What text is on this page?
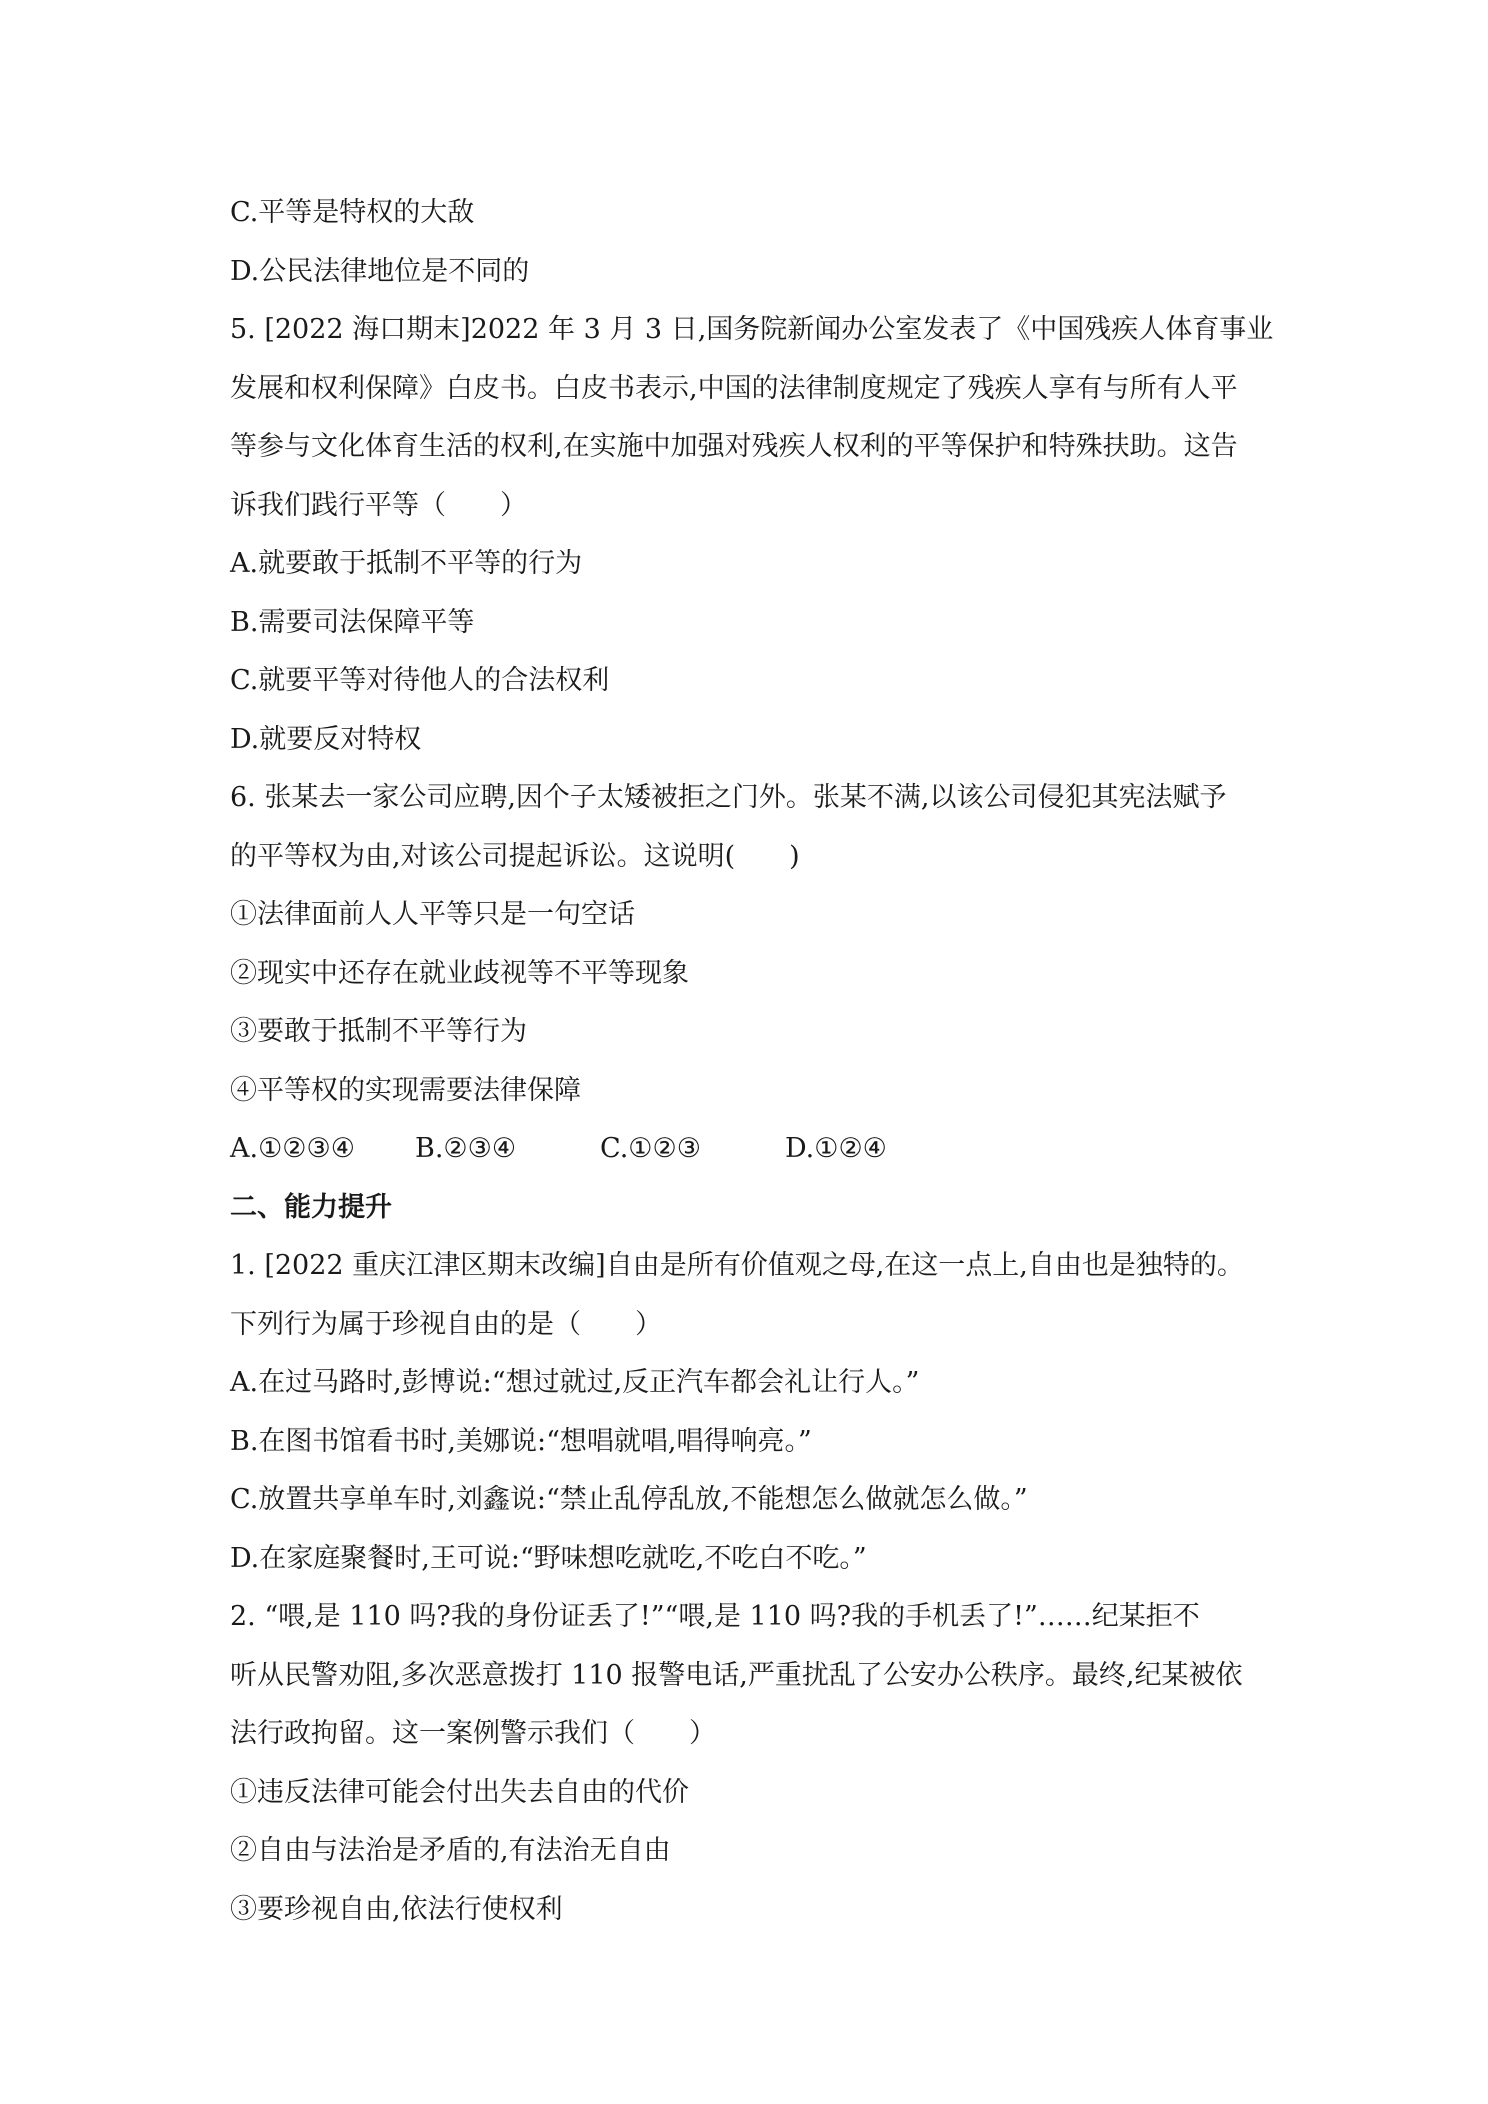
C.平等是特权的大敌
D.公民法律地位是不同的
5. [2022 海口期末]2022 年 3 月 3 日,国务院新闻办公室发表了《中国残疾人体育事业
发展和权利保障》白皮书。白皮书表示,中国的法律制度规定了残疾人享有与所有人平
等参与文化体育生活的权利,在实施中加强对残疾人权利的平等保护和特殊扶助。这告
诉我们践行平等（　　）
A.就要敢于抵制不平等的行为
B.需要司法保障平等
C.就要平等对待他人的合法权利
D.就要反对特权
6. 张某去一家公司应聘,因个子太矮被拒之门外。张某不满,以该公司侵犯其宪法赋予
的平等权为由,对该公司提起诉讼。这说明(　　)
①法律面前人人平等只是一句空话
②现实中还存在就业歧视等不平等现象
③要敢于抵制不平等行为
④平等权的实现需要法律保障
A.①②③④	B.②③④	C.①②③	D.①②④
二、能力提升
1. [2022 重庆江津区期末改编]自由是所有价值观之母,在这一点上,自由也是独特的。
下列行为属于珍视自由的是（　　）
A.在过马路时,彭博说:“想过就过,反正汽车都会礼让行人。”
B.在图书馆看书时,美娜说:“想唱就唱,唱得响亮。”
C.放置共享单车时,刘鑫说:“禁止乱停乱放,不能想怎么做就怎么做。”
D.在家庭聚餐时,王可说:“野味想吃就吃,不吃白不吃。”
2. “喂,是 110 吗?我的身份证丢了!”“喂,是 110 吗?我的手机丢了!”……纪某拒不
听从民警劝阻,多次恶意拨打 110 报警电话,严重扰乱了公安办公秩序。最终,纪某被依
法行政拘留。这一案例警示我们（　　）
①违反法律可能会付出失去自由的代价
②自由与法治是矛盾的,有法治无自由
③要珍视自由,依法行使权利
